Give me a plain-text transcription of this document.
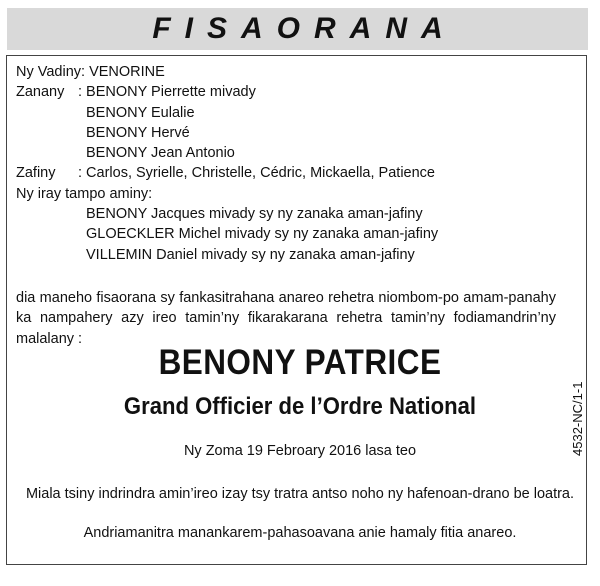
FISAORANA
Ny Vadiny: VENORINE
Zanany : BENONY Pierrette mivady
BENONY Eulalie
BENONY Hervé
BENONY Jean Antonio
Zafiny	: Carlos, Syrielle, Christelle, Cédric, Mickaella, Patience
Ny iray tampo aminy:
BENONY Jacques mivady sy ny zanaka aman-jafiny
GLOECKLER Michel mivady sy ny zanaka aman-jafiny
VILLEMIN Daniel mivady sy ny zanaka aman-jafiny
dia maneho fisaorana sy fankasitrahana anareo rehetra niombom-po amam-panahy ka nampahery azy ireo tamin’ny fikarakarana rehetra tamin’ny fodiamandrin’ny malalany :
BENONY PATRICE
Grand Officier de l’Ordre National
Ny Zoma 19 Febroary 2016 lasa teo
Miala tsiny indrindra amin’ireo izay tsy tratra antso noho ny hafenoan-drano be loatra.
Andriamanitra manankarem-pahasoavana anie hamaly fitia anareo.
4532-NC/1-1
